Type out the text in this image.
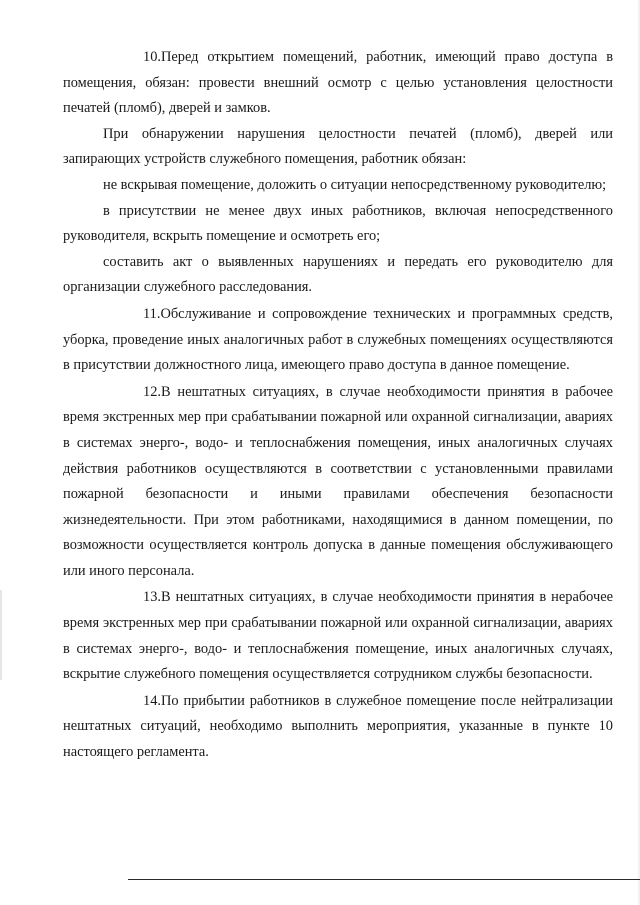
10.Перед открытием помещений, работник, имеющий право доступа в помещения, обязан: провести внешний осмотр с целью установления целостности печатей (пломб), дверей и замков.

При обнаружении нарушения целостности печатей (пломб), дверей или запирающих устройств служебного помещения, работник обязан:

не вскрывая помещение, доложить о ситуации непосредственному руководителю;

в присутствии не менее двух иных работников, включая непосредственного руководителя, вскрыть помещение и осмотреть его;

составить акт о выявленных нарушениях и передать его руководителю для организации служебного расследования.

11.Обслуживание и сопровождение технических и программных средств, уборка, проведение иных аналогичных работ в служебных помещениях осуществляются в присутствии должностного лица, имеющего право доступа в данное помещение.

12.В нештатных ситуациях, в случае необходимости принятия в рабочее время экстренных мер при срабатывании пожарной или охранной сигнализации, авариях в системах энерго-, водо- и теплоснабжения помещения, иных аналогичных случаях действия работников осуществляются в соответствии с установленными правилами пожарной безопасности и иными правилами обеспечения безопасности жизнедеятельности. При этом работниками, находящимися в данном помещении, по возможности осуществляется контроль допуска в данные помещения обслуживающего или иного персонала.

13.В нештатных ситуациях, в случае необходимости принятия в нерабочее время экстренных мер при срабатывании пожарной или охранной сигнализации, авариях в системах энерго-, водо- и теплоснабжения помещение, иных аналогичных случаях, вскрытие служебного помещения осуществляется сотрудником службы безопасности.

14.По прибытии работников в служебное помещение после нейтрализации нештатных ситуаций, необходимо выполнить мероприятия, указанные в пункте 10 настоящего регламента.
